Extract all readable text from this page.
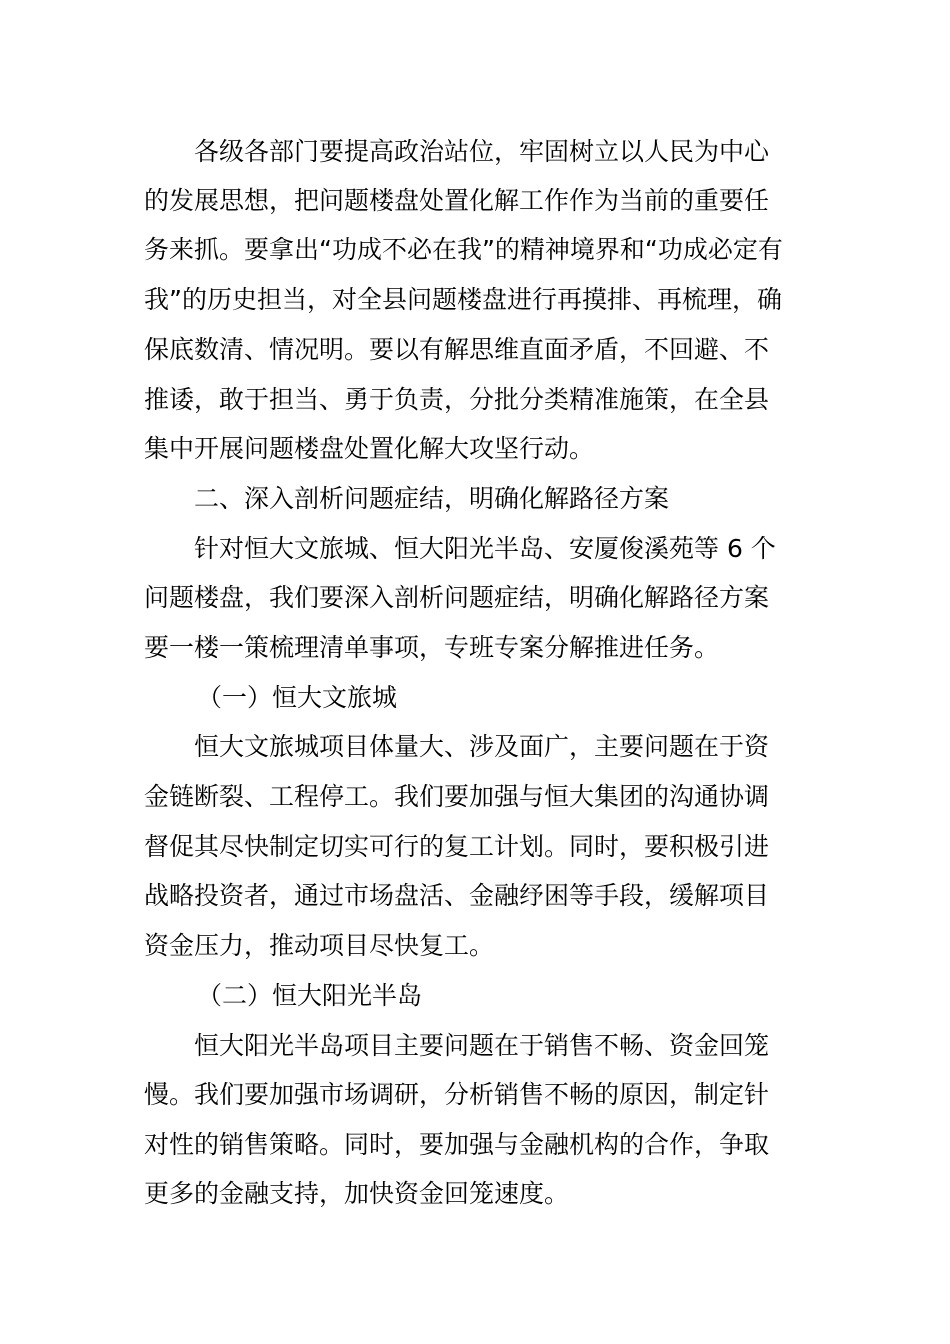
各级各部门要提高政治站位，牢固树立以人民为中心
的发展思想，把问题楼盘处置化解工作作为当前的重要任
务来抓。要拿出“功成不必在我”的精神境界和“功成必定有
我”的历史担当，对全县问题楼盘进行再摸排、再梳理，确
保底数清、情况明。要以有解思维直面矛盾，不回避、不
推诿，敢于担当、勇于负责，分批分类精准施策，在全县
集中开展问题楼盘处置化解大攻坚行动。
二、深入剖析问题症结，明确化解路径方案
针对恒大文旅城、恒大阳光半岛、安厦俊溪苑等 6 个
问题楼盘，我们要深入剖析问题症结，明确化解路径方案
要一楼一策梳理清单事项，专班专案分解推进任务。
（一）恒大文旅城
恒大文旅城项目体量大、涉及面广，主要问题在于资
金链断裂、工程停工。我们要加强与恒大集团的沟通协调
督促其尽快制定切实可行的复工计划。同时，要积极引进
战略投资者，通过市场盘活、金融纾困等手段，缓解项目
资金压力，推动项目尽快复工。
（二）恒大阳光半岛
恒大阳光半岛项目主要问题在于销售不畅、资金回笼
慢。我们要加强市场调研，分析销售不畅的原因，制定针
对性的销售策略。同时，要加强与金融机构的合作，争取
更多的金融支持，加快资金回笼速度。
